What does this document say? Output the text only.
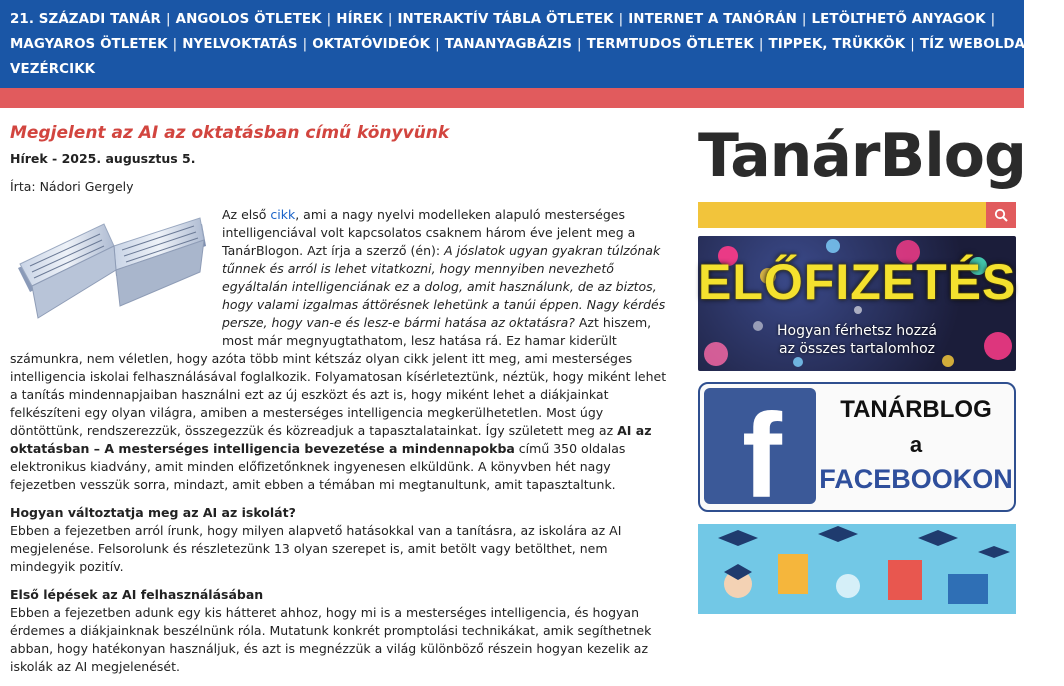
21. SZÁZADI TANÁR | ANGOLOS ÖTLETEK | HÍREK | INTERAKTÍV TÁBLA ÖTLETEK | INTERNET A TANÓRÁN | LETÖLTHETŐ ANYAGOK |
MAGYAROS ÖTLETEK | NYELVOKTATÁS | OKTATÓVIDEÓK | TANANYAGBÁZIS | TERMTUDOS ÖTLETEK | TIPPEK, TRÜKKÖK | TÍZ WEBOLDAL... |
VEZÉRCIKK
Megjelent az AI az oktatásban című könyvünk
Hírek - 2025. augusztus 5.
Írta: Nádori Gergely

Az első cikk, ami a nagy nyelvi modelleken alapuló mesterséges intelligenciával volt kapcsolatos csaknem három éve jelent meg a TanárBlogon. Azt írja a szerző (én): A jóslatok ugyan gyakran túlzónak tűnnek és arról is lehet vitatkozni, hogy mennyiben nevezhető egyáltalán intelligenciának ez a dolog, amit használunk, de az biztos, hogy valami izgalmas áttörésnek lehetünk a tanúi éppen. Nagy kérdés persze, hogy van-e és lesz-e bármi hatása az oktatásra? Azt hiszem, most már megnyugtathatom, lesz hatása rá. Ez hamar kiderült számunkra, nem véletlen, hogy azóta több mint kétszáz olyan cikk jelent itt meg, ami mesterséges intelligencia iskolai felhasználásával foglalkozik. Folyamatosan kísérleteztünk, néztük, hogy miként lehet a tanítás mindennapjaiban használni ezt az új eszközt és azt is, hogy miként lehet a diákjainkat felkészíteni egy olyan világra, amiben a mesterséges intelligencia megkerülhetetlen. Most úgy döntöttünk, rendszerezzük, összegezzük és közreadjuk a tapasztalatainkat. Így született meg az AI az oktatásban – A mesterséges intelligencia bevezetése a mindennapokba című 350 oldalas elektronikus kiadvány, amit minden előfizetőnknek ingyenesen elküldünk. A könyvben hét nagy fejezetben vesszük sorra, mindazt, amit ebben a témában mi megtanultunk, amit tapasztaltunk.

Hogyan változtatja meg az AI az iskolát?

Ebben a fejezetben arról írunk, hogy milyen alapvető hatásokkal van a tanításra, az iskolára az AI megjelenése. Felsorolunk és részletezünk 13 olyan szerepet is, amit betölt vagy betölthet, nem mindegyik pozitív.

Első lépések az AI felhasználásában

Ebben a fejezetben adunk egy kis hátteret ahhoz, hogy mi is a mesterséges intelligencia, és hogyan érdemes a diákjainknak beszélnünk róla. Mutatunk konkrét promptolási technikákat, amik segíthetnek abban, hogy hatékonyan használjuk, és azt is megnézzük a világ különböző részein hogyan kezelik az iskolák az AI megjelenését.

TanárBlog
ELŐFIZETÉS
Hogyan férhetsz hozzá
az összes tartalomhoz
f	TANÁRBLOG
a
FACEBOOKON
